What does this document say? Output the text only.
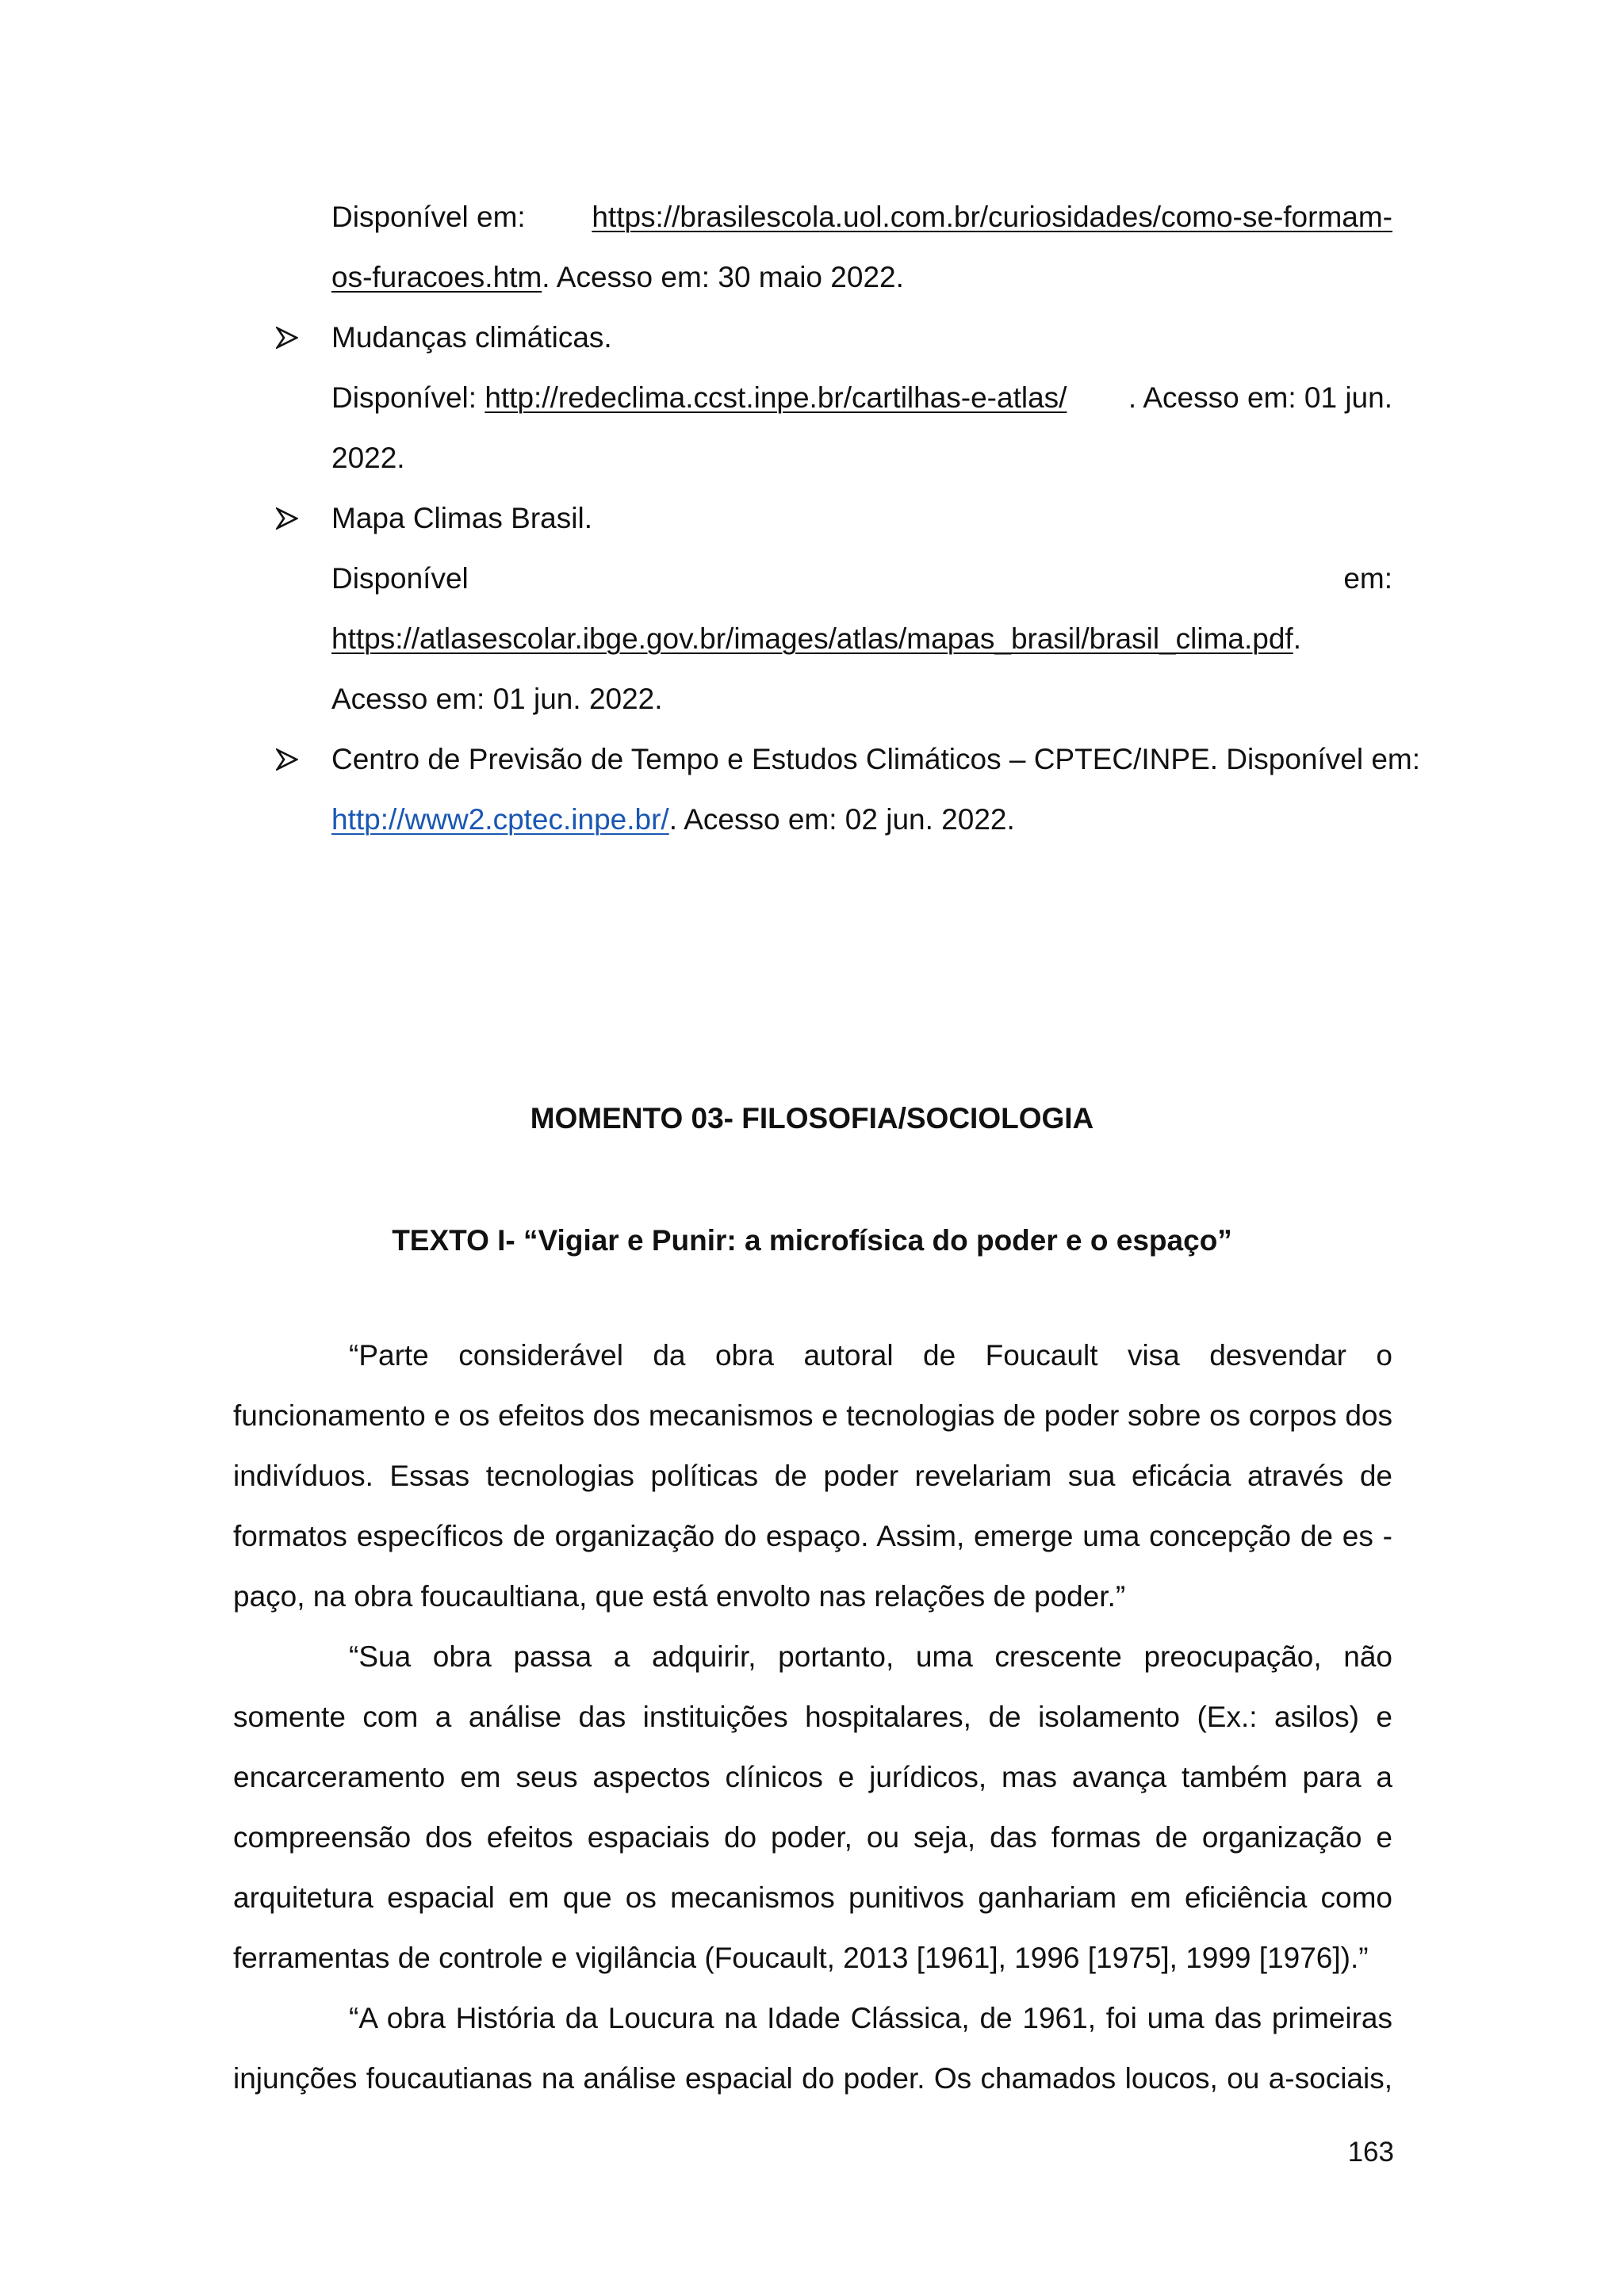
Disponível em: https://brasilescola.uol.com.br/curiosidades/como-se-formam-
os-furacoes.htm. Acesso em: 30 maio 2022.
Mudanças climáticas.
Disponível: http://redeclima.ccst.inpe.br/cartilhas-e-atlas/ . Acesso em: 01 jun.
2022.
Mapa Climas Brasil.
Disponível	em:
https://atlasescolar.ibge.gov.br/images/atlas/mapas_brasil/brasil_clima.pdf.
Acesso em: 01 jun. 2022.
Centro de Previsão de Tempo e Estudos Climáticos – CPTEC/INPE. Disponível em:
http://www2.cptec.inpe.br/. Acesso em: 02 jun. 2022.
MOMENTO 03- FILOSOFIA/SOCIOLOGIA
TEXTO I- “Vigiar e Punir: a microfísica do poder e o espaço”

“Parte considerável da obra autoral de Foucault visa desvendar o
funcionamento e os efeitos dos mecanismos e tecnologias de poder sobre os corpos dos
indivíduos. Essas tecnologias políticas de poder revelariam sua eficácia através de
formatos específicos de organização do espaço. Assim, emerge uma concepção de es -
paço, na obra foucaultiana, que está envolto nas relações de poder.”

“Sua obra passa a adquirir, portanto, uma crescente preocupação, não
somente com a análise das instituições hospitalares, de isolamento (Ex.: asilos) e
encarceramento em seus aspectos clínicos e jurídicos, mas avança também para a
compreensão dos efeitos espaciais do poder, ou seja, das formas de organização e
arquitetura espacial em que os mecanismos punitivos ganhariam em eficiência como
ferramentas de controle e vigilância (Foucault, 2013 [1961], 1996 [1975], 1999 [1976]).”

“A obra História da Loucura na Idade Clássica, de 1961, foi uma das primeiras
injunções foucautianas na análise espacial do poder. Os chamados loucos, ou a-sociais,

163
